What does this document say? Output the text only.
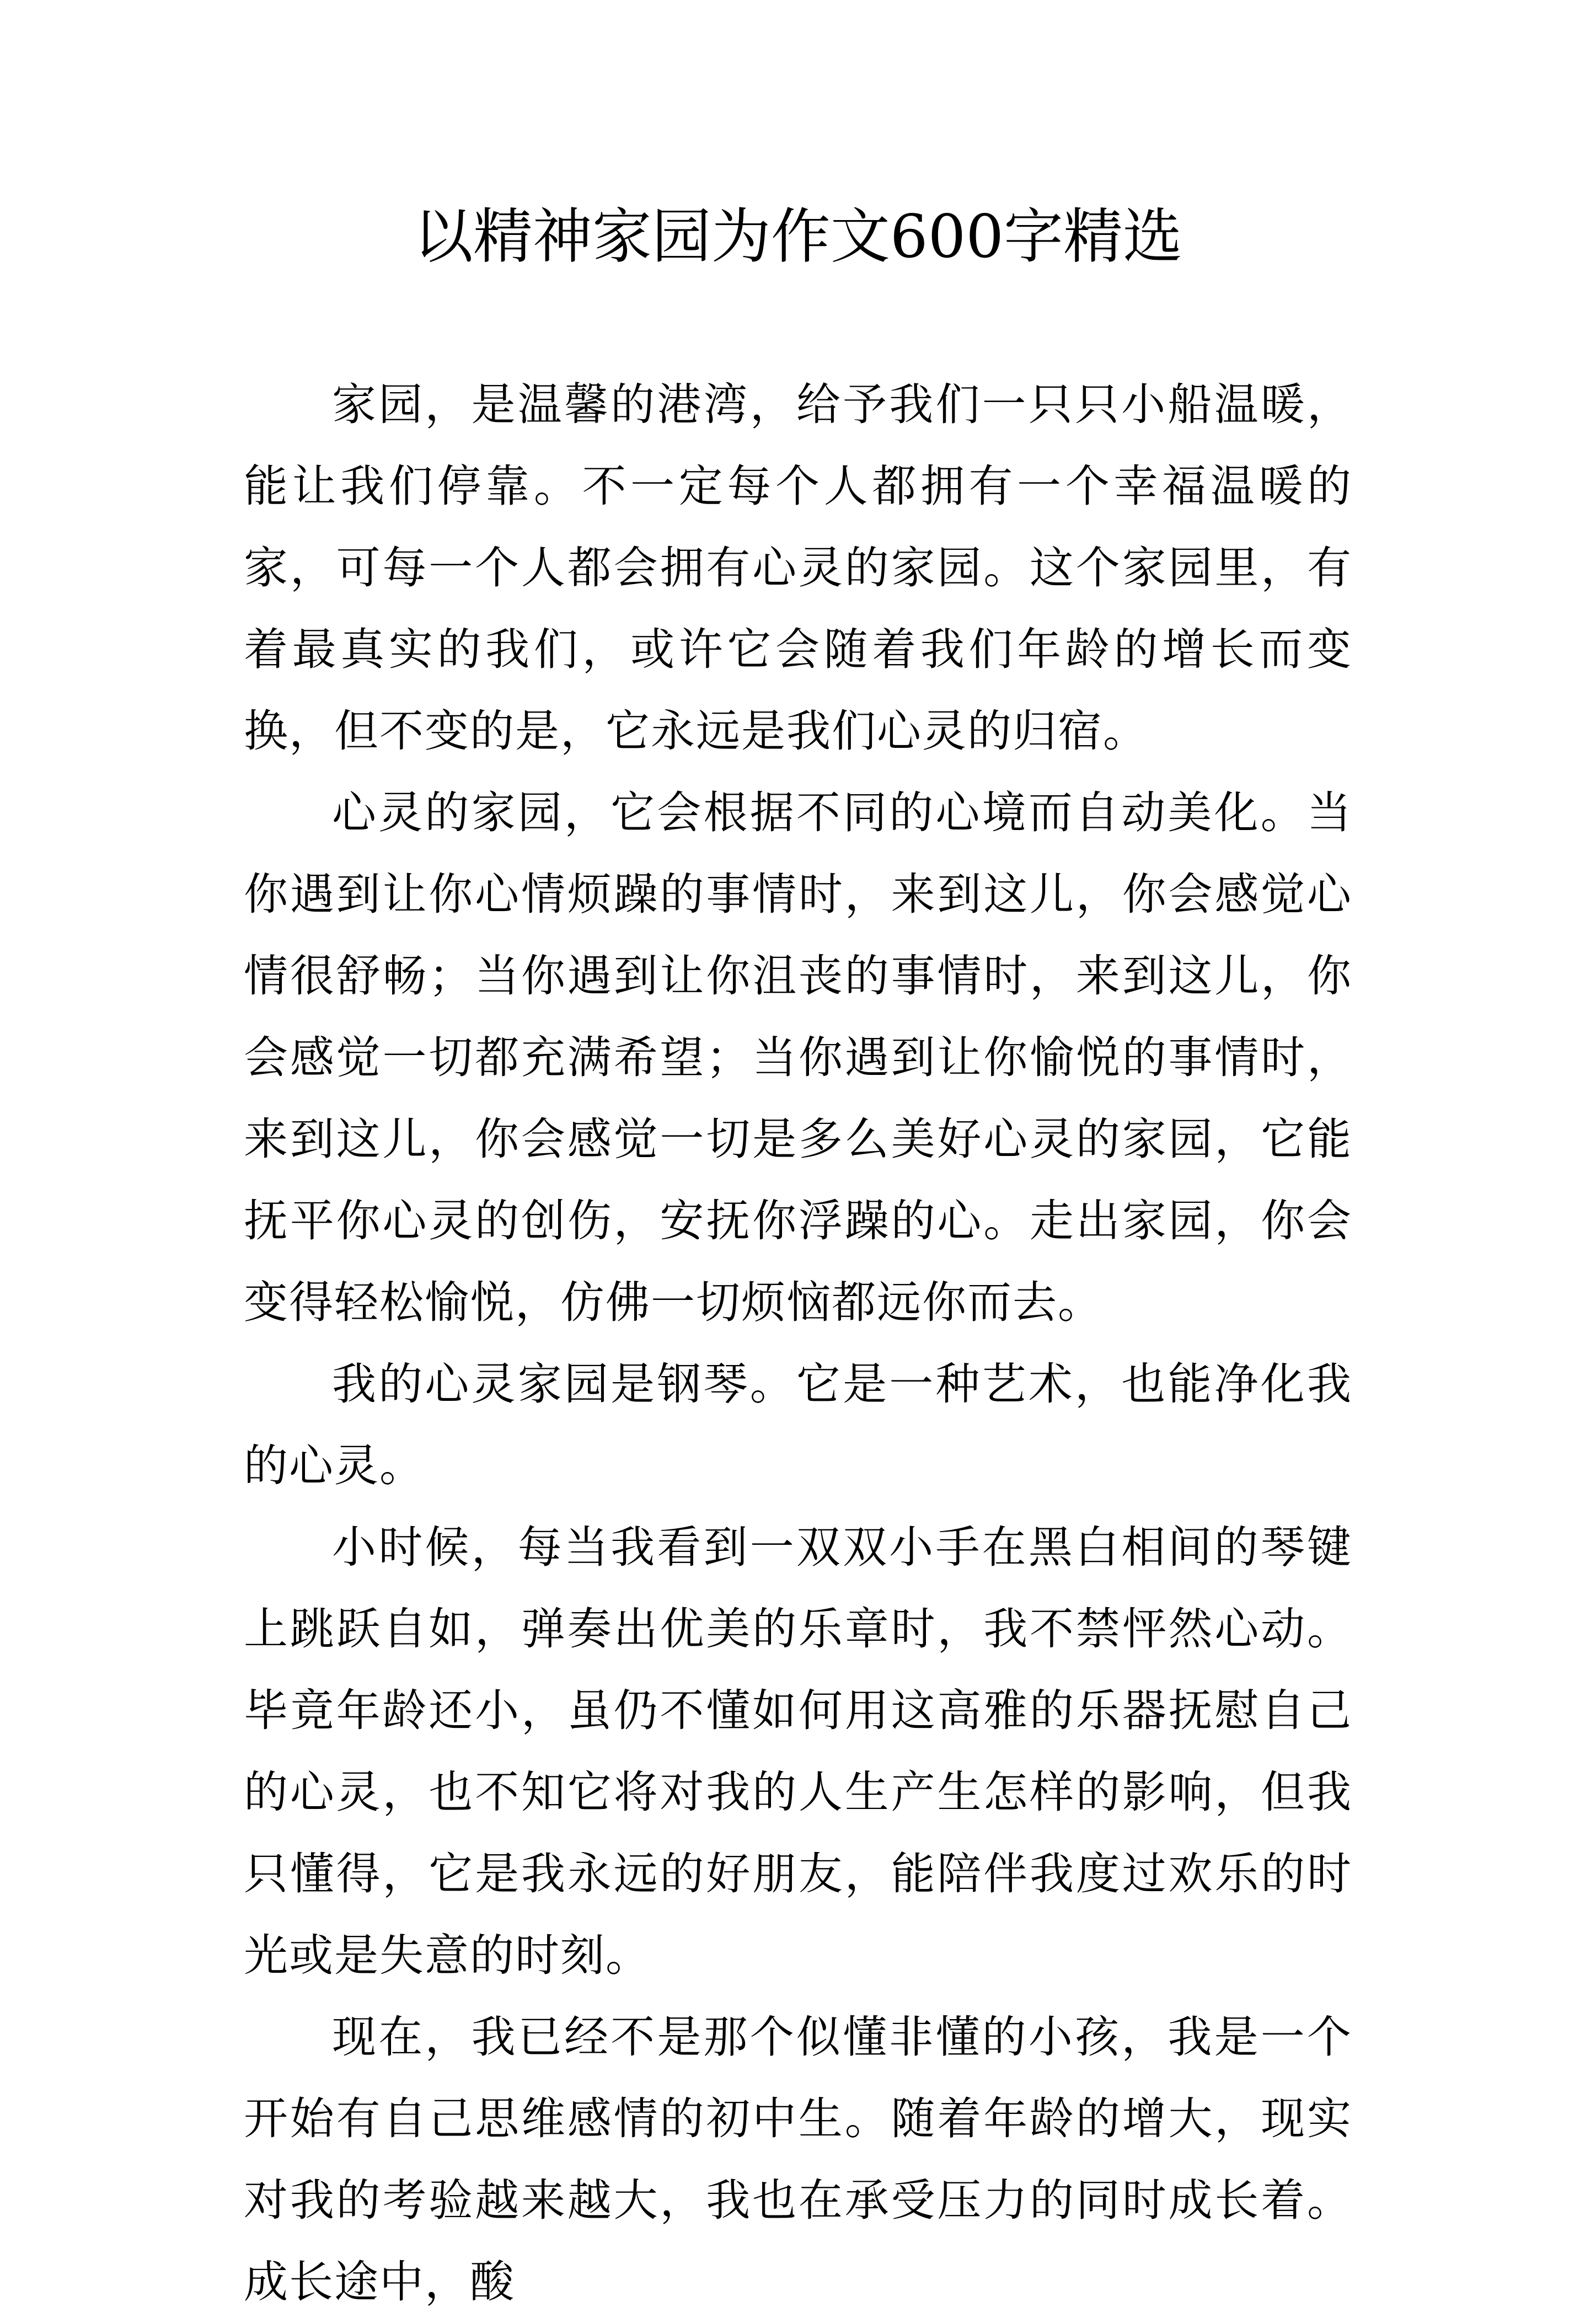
以精神家园为作文600字精选

家园，是温馨的港湾，给予我们一只只小船温暖，能让我们停靠。不一定每个人都拥有一个幸福温暖的家，可每一个人都会拥有心灵的家园。这个家园里，有着最真实的我们，或许它会随着我们年龄的增长而变换，但不变的是，它永远是我们心灵的归宿。

心灵的家园，它会根据不同的心境而自动美化。当你遇到让你心情烦躁的事情时，来到这儿，你会感觉心情很舒畅；当你遇到让你沮丧的事情时，来到这儿，你会感觉一切都充满希望；当你遇到让你愉悦的事情时，来到这儿，你会感觉一切是多么美好心灵的家园，它能抚平你心灵的创伤，安抚你浮躁的心。走出家园，你会变得轻松愉悦，仿佛一切烦恼都远你而去。

我的心灵家园是钢琴。它是一种艺术，也能净化我的心灵。

小时候，每当我看到一双双小手在黑白相间的琴键上跳跃自如，弹奏出优美的乐章时，我不禁怦然心动。毕竟年龄还小，虽仍不懂如何用这高雅的乐器抚慰自己的心灵，也不知它将对我的人生产生怎样的影响，但我只懂得，它是我永远的好朋友，能陪伴我度过欢乐的时光或是失意的时刻。

现在，我已经不是那个似懂非懂的小孩，我是一个开始有自己思维感情的初中生。随着年龄的增大，现实对我的考验越来越大，我也在承受压力的同时成长着。成长途中，酸
